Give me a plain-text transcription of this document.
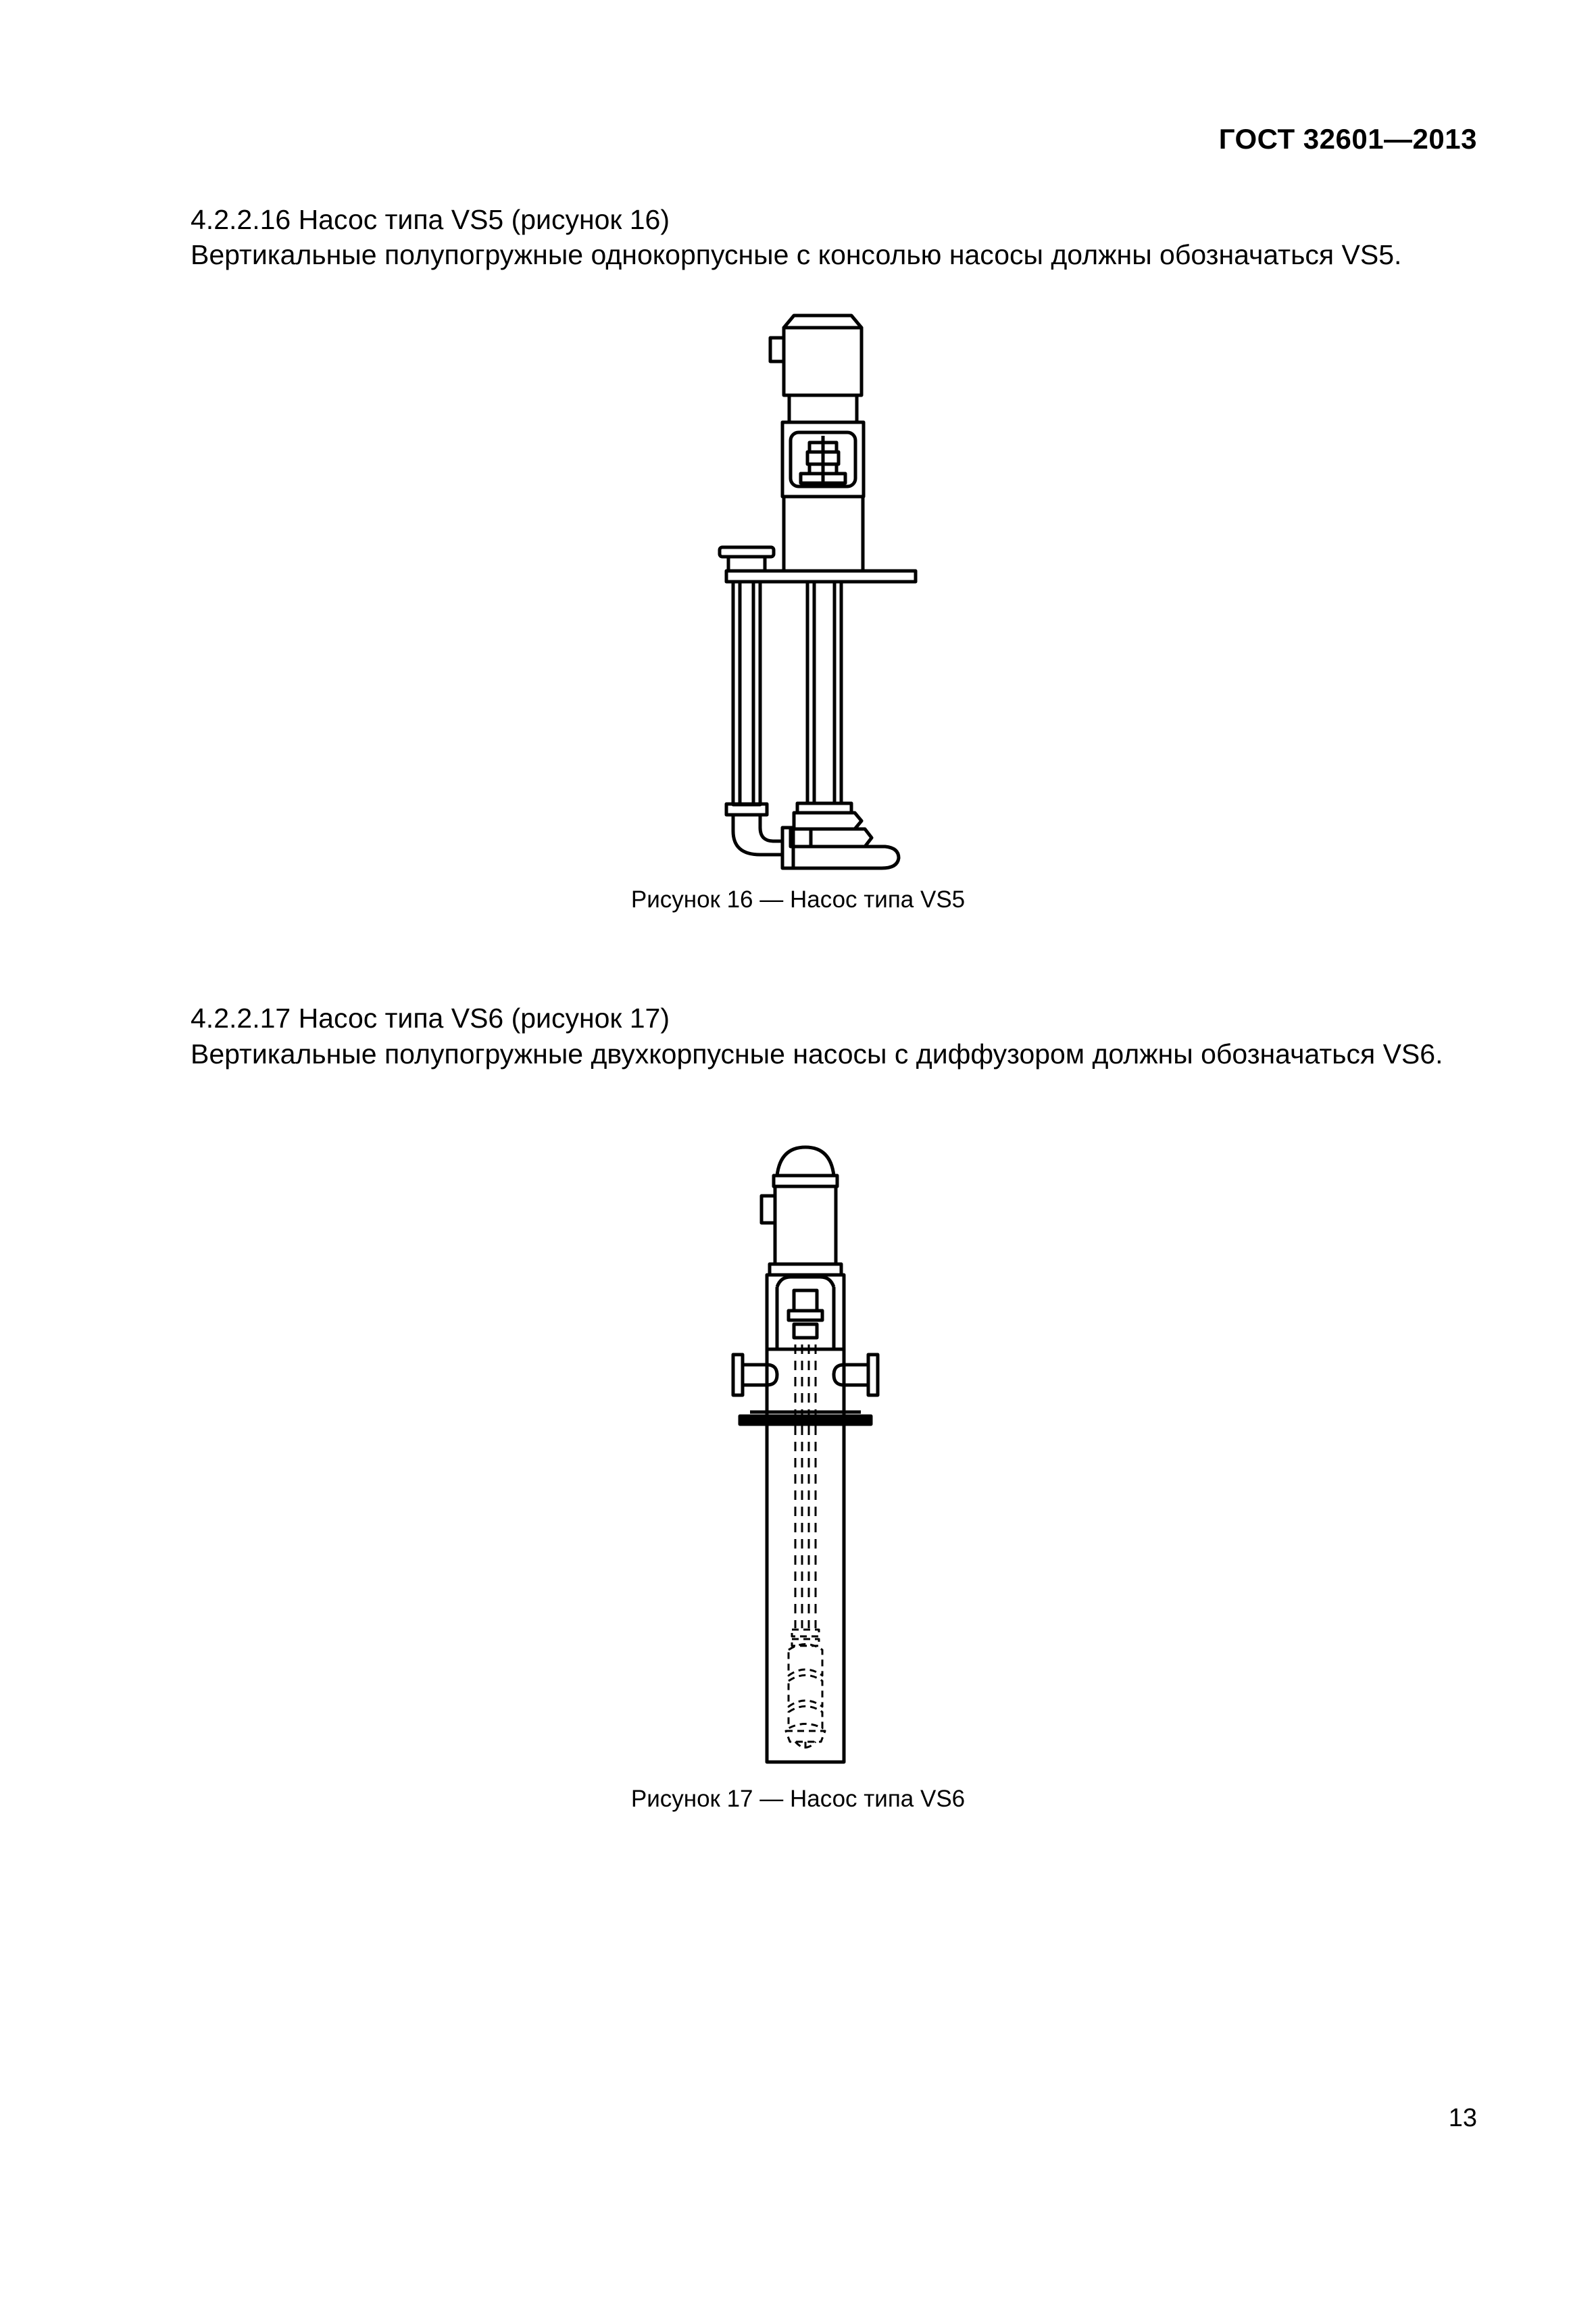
ГОСТ 32601—2013
4.2.2.16 Насос типа VS5 (рисунок 16)
Вертикальные полупогружные однокорпусные с консолью насосы должны обозначаться VS5.
Рисунок 16 — Насос типа VS5
4.2.2.17 Насос типа VS6 (рисунок 17)
Вертикальные полупогружные двухкорпусные насосы с диффузором должны обозначаться VS6.
Рисунок 17 — Насос типа VS6
13
